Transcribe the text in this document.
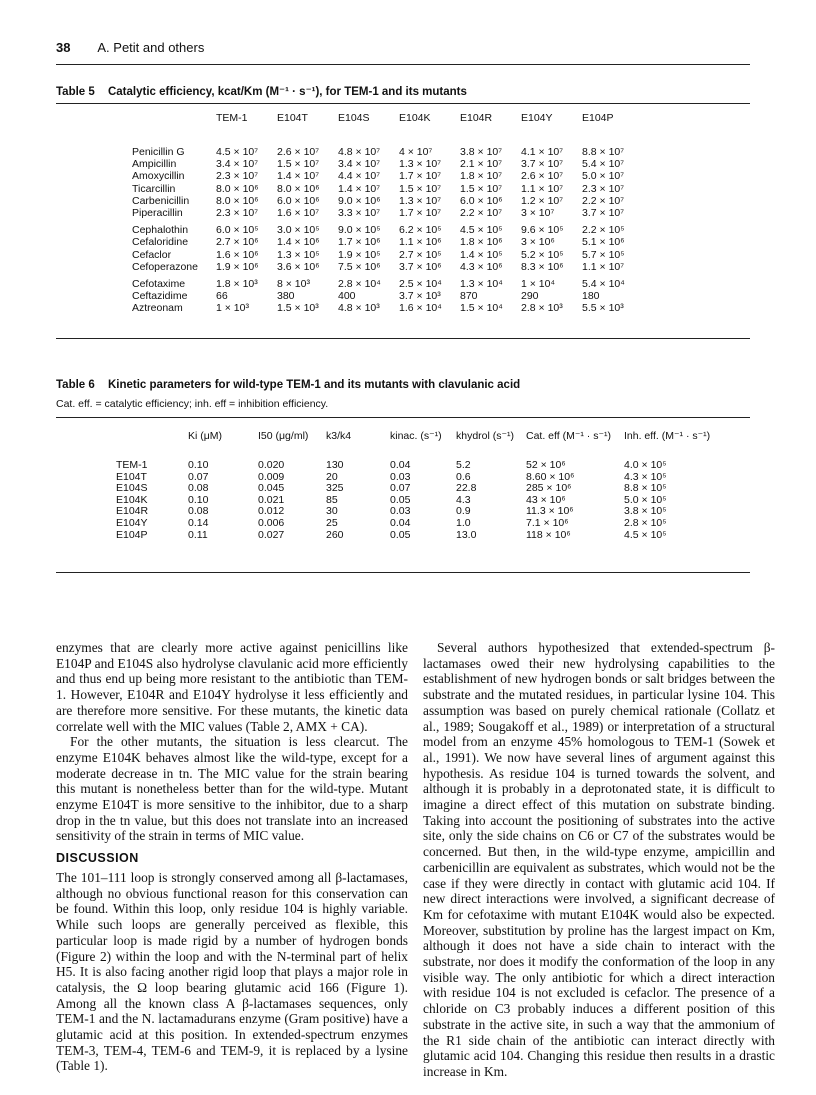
38 A. Petit and others
Table 5 Catalytic efficiency, kcat/Km (M⁻¹ · s⁻¹), for TEM-1 and its mutants
	TEM-1	E104T	E104S	E104K	E104R	E104Y	E104P
Penicillin G	4.5 × 10⁷	2.6 × 10⁷	4.8 × 10⁷	4 × 10⁷	3.8 × 10⁷	4.1 × 10⁷	8.8 × 10⁷
Ampicillin	3.4 × 10⁷	1.5 × 10⁷	3.4 × 10⁷	1.3 × 10⁷	2.1 × 10⁷	3.7 × 10⁷	5.4 × 10⁷
Amoxycillin	2.3 × 10⁷	1.4 × 10⁷	4.4 × 10⁷	1.7 × 10⁷	1.8 × 10⁷	2.6 × 10⁷	5.0 × 10⁷
Ticarcillin	8.0 × 10⁶	8.0 × 10⁶	1.4 × 10⁷	1.5 × 10⁷	1.5 × 10⁷	1.1 × 10⁷	2.3 × 10⁷
Carbenicillin	8.0 × 10⁶	6.0 × 10⁶	9.0 × 10⁶	1.3 × 10⁷	6.0 × 10⁶	1.2 × 10⁷	2.2 × 10⁷
Piperacillin	2.3 × 10⁷	1.6 × 10⁷	3.3 × 10⁷	1.7 × 10⁷	2.2 × 10⁷	3 × 10⁷	3.7 × 10⁷
Cephalothin	6.0 × 10⁵	3.0 × 10⁵	9.0 × 10⁵	6.2 × 10⁵	4.5 × 10⁵	9.6 × 10⁵	2.2 × 10⁵
Cefaloridine	2.7 × 10⁶	1.4 × 10⁶	1.7 × 10⁶	1.1 × 10⁶	1.8 × 10⁶	3 × 10⁶	5.1 × 10⁶
Cefaclor	1.6 × 10⁶	1.3 × 10⁵	1.9 × 10⁵	2.7 × 10⁵	1.4 × 10⁵	5.2 × 10⁵	5.7 × 10⁵
Cefoperazone	1.9 × 10⁶	3.6 × 10⁶	7.5 × 10⁶	3.7 × 10⁶	4.3 × 10⁶	8.3 × 10⁶	1.1 × 10⁷
Cefotaxime	1.8 × 10³	8 × 10³	2.8 × 10⁴	2.5 × 10⁴	1.3 × 10⁴	1 × 10⁴	5.4 × 10⁴
Ceftazidime	66	380	400	3.7 × 10³	870	290	180
Aztreonam	1 × 10³	1.5 × 10³	4.8 × 10³	1.6 × 10⁴	1.5 × 10⁴	2.8 × 10³	5.5 × 10³
Table 6 Kinetic parameters for wild-type TEM-1 and its mutants with clavulanic acid
Cat. eff. = catalytic efficiency; inh. eff = inhibition efficiency.
	Ki (μM)	I50 (μg/ml)	k3/k4	kinac. (s⁻¹)	khydrol (s⁻¹)	Cat. eff (M⁻¹ · s⁻¹)	Inh. eff. (M⁻¹ · s⁻¹)
TEM-1	0.10	0.020	130	0.04	5.2	52 × 10⁶	4.0 × 10⁵
E104T	0.07	0.009	20	0.03	0.6	8.60 × 10⁶	4.3 × 10⁵
E104S	0.08	0.045	325	0.07	22.8	285 × 10⁶	8.8 × 10⁵
E104K	0.10	0.021	85	0.05	4.3	43 × 10⁶	5.0 × 10⁵
E104R	0.08	0.012	30	0.03	0.9	11.3 × 10⁶	3.8 × 10⁵
E104Y	0.14	0.006	25	0.04	1.0	7.1 × 10⁶	2.8 × 10⁵
E104P	0.11	0.027	260	0.05	13.0	118 × 10⁶	4.5 × 10⁵

enzymes that are clearly more active against penicillins like E104P and E104S also hydrolyse clavulanic acid more efficiently and thus end up being more resistant to the antibiotic than TEM-1. However, E104R and E104Y hydrolyse it less efficiently and are therefore more sensitive. For these mutants, the kinetic data correlate well with the MIC values (Table 2, AMX + CA).

For the other mutants, the situation is less clearcut. The enzyme E104K behaves almost like the wild-type, except for a moderate decrease in tn. The MIC value for the strain bearing this mutant is nonetheless better than for the wild-type. Mutant enzyme E104T is more sensitive to the inhibitor, due to a sharp drop in the tn value, but this does not translate into an increased sensitivity of the strain in terms of MIC value.

DISCUSSION

The 101–111 loop is strongly conserved among all β-lactamases, although no obvious functional reason for this conservation can be found. Within this loop, only residue 104 is highly variable. While such loops are generally perceived as flexible, this particular loop is made rigid by a number of hydrogen bonds (Figure 2) within the loop and with the N-terminal part of helix H5. It is also facing another rigid loop that plays a major role in catalysis, the Ω loop bearing glutamic acid 166 (Figure 1). Among all the known class A β-lactamases sequences, only TEM-1 and the N. lactamadurans enzyme (Gram positive) have a glutamic acid at this position. In extended-spectrum enzymes TEM-3, TEM-4, TEM-6 and TEM-9, it is replaced by a lysine (Table 1).

Several authors hypothesized that extended-spectrum β-lactamases owed their new hydrolysing capabilities to the establishment of new hydrogen bonds or salt bridges between the substrate and the mutated residues, in particular lysine 104. This assumption was based on purely chemical rationale (Collatz et al., 1989; Sougakoff et al., 1989) or interpretation of a structural model from an enzyme 45% homologous to TEM-1 (Sowek et al., 1991). We now have several lines of argument against this hypothesis. As residue 104 is turned towards the solvent, and although it is probably in a deprotonated state, it is difficult to imagine a direct effect of this mutation on substrate binding. Taking into account the positioning of substrates into the active site, only the side chains on C6 or C7 of the substrates would be concerned. But then, in the wild-type enzyme, ampicillin and carbenicillin are equivalent as substrates, which would not be the case if they were directly in contact with glutamic acid 104. If new direct interactions were involved, a significant decrease of Km for cefotaxime with mutant E104K would also be expected. Moreover, substitution by proline has the largest impact on Km, although it does not have a side chain to interact with the substrate, nor does it modify the conformation of the loop in any visible way. The only antibiotic for which a direct interaction with residue 104 is not excluded is cefaclor. The presence of a chloride on C3 probably induces a different position of this substrate in the active site, in such a way that the ammonium of the R1 side chain of the antibiotic can interact directly with glutamic acid 104. Changing this residue then results in a drastic increase in Km.
